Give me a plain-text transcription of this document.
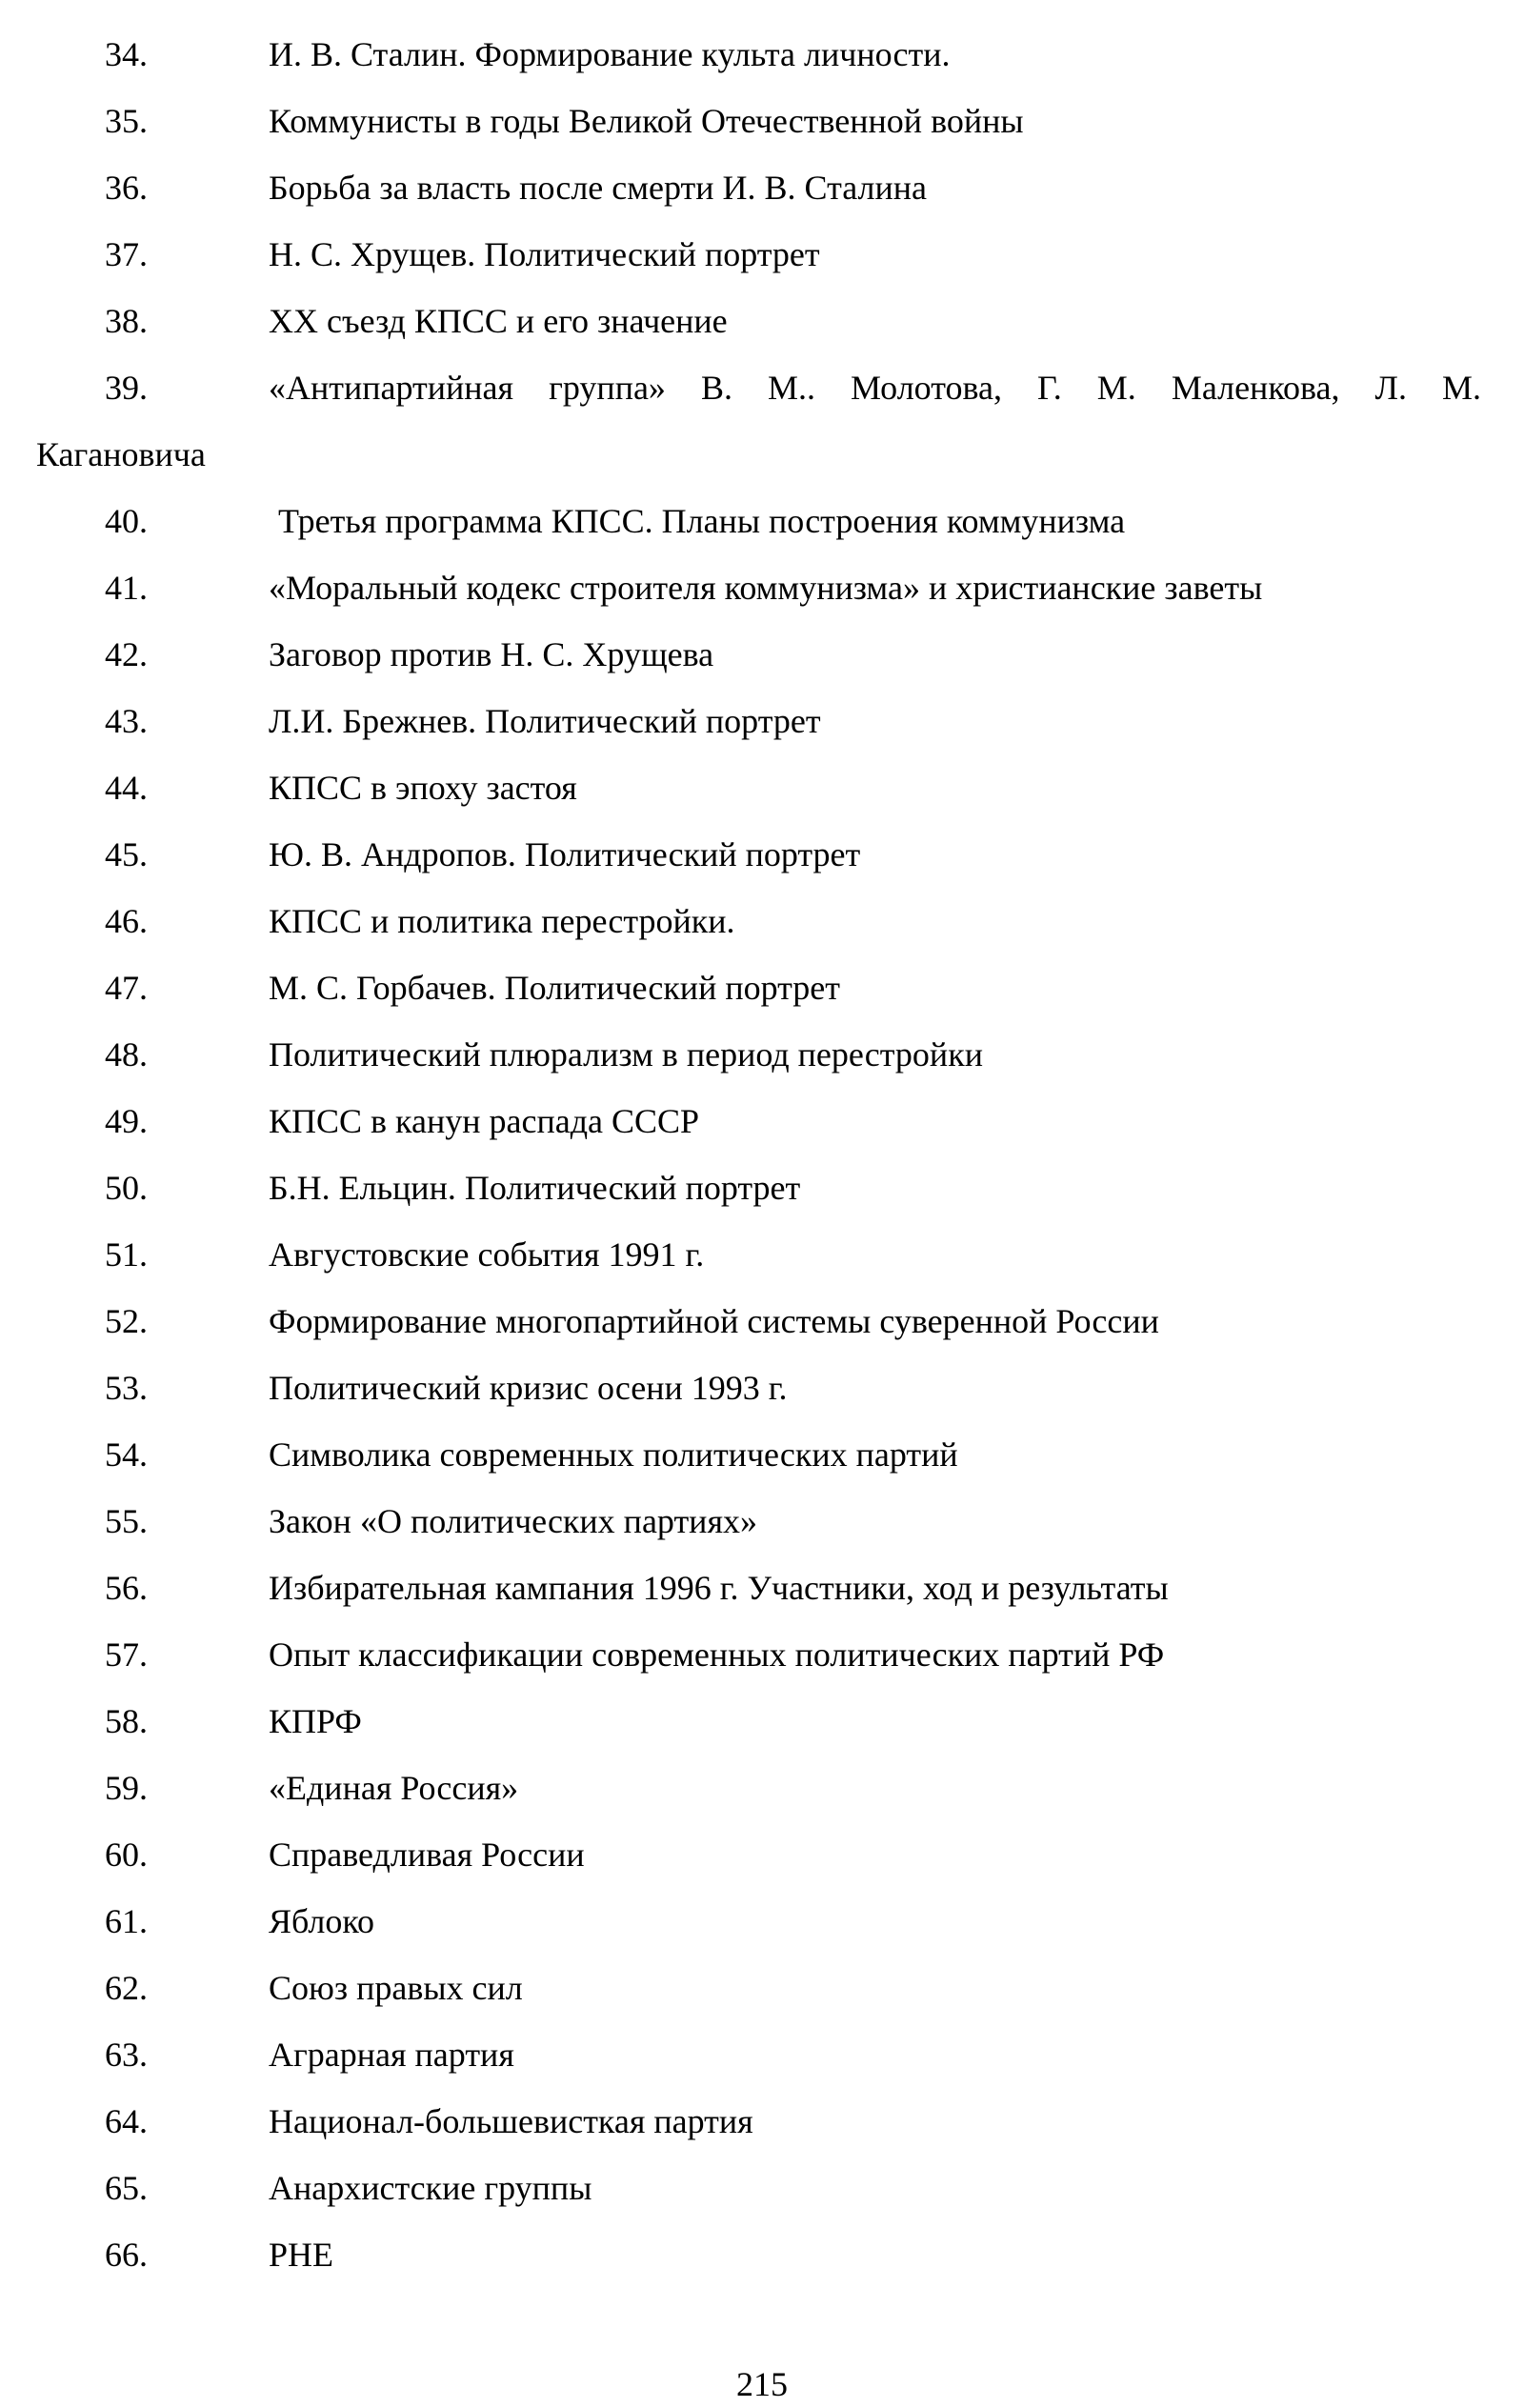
34.	И. В. Сталин. Формирование культа личности.
35.	Коммунисты в годы Великой Отечественной войны
36.	Борьба за власть после смерти И. В. Сталина
37.	Н. С. Хрущев. Политический портрет
38.	XX съезд КПСС и его значение
39.	«Антипартийная группа» В. М.. Молотова, Г. М. Маленкова, Л. М.
Кагановича
40.	Третья программа КПСС. Планы построения коммунизма
41.	«Моральный кодекс строителя коммунизма» и христианские заветы
42.	Заговор против Н. С. Хрущева
43.	Л.И. Брежнев. Политический портрет
44.	КПСС в эпоху застоя
45.	Ю. В. Андропов. Политический портрет
46.	КПСС и политика перестройки.
47.	М. С. Горбачев. Политический портрет
48.	Политический плюрализм в период перестройки
49.	КПСС в канун распада СССР
50.	Б.Н. Ельцин. Политический портрет
51.	Августовские события 1991 г.
52.	Формирование многопартийной системы суверенной России
53.	Политический кризис осени 1993 г.
54.	Символика современных политических партий
55.	Закон «О политических партиях»
56.	Избирательная кампания 1996 г. Участники, ход и результаты
57.	Опыт классификации современных политических партий РФ
58.	КПРФ
59.	«Единая Россия»
60.	Справедливая России
61.	Яблоко
62.	Союз правых сил
63.	Аграрная партия
64.	Национал-большевисткая партия
65.	Анархистские группы
66.	РНЕ
215
